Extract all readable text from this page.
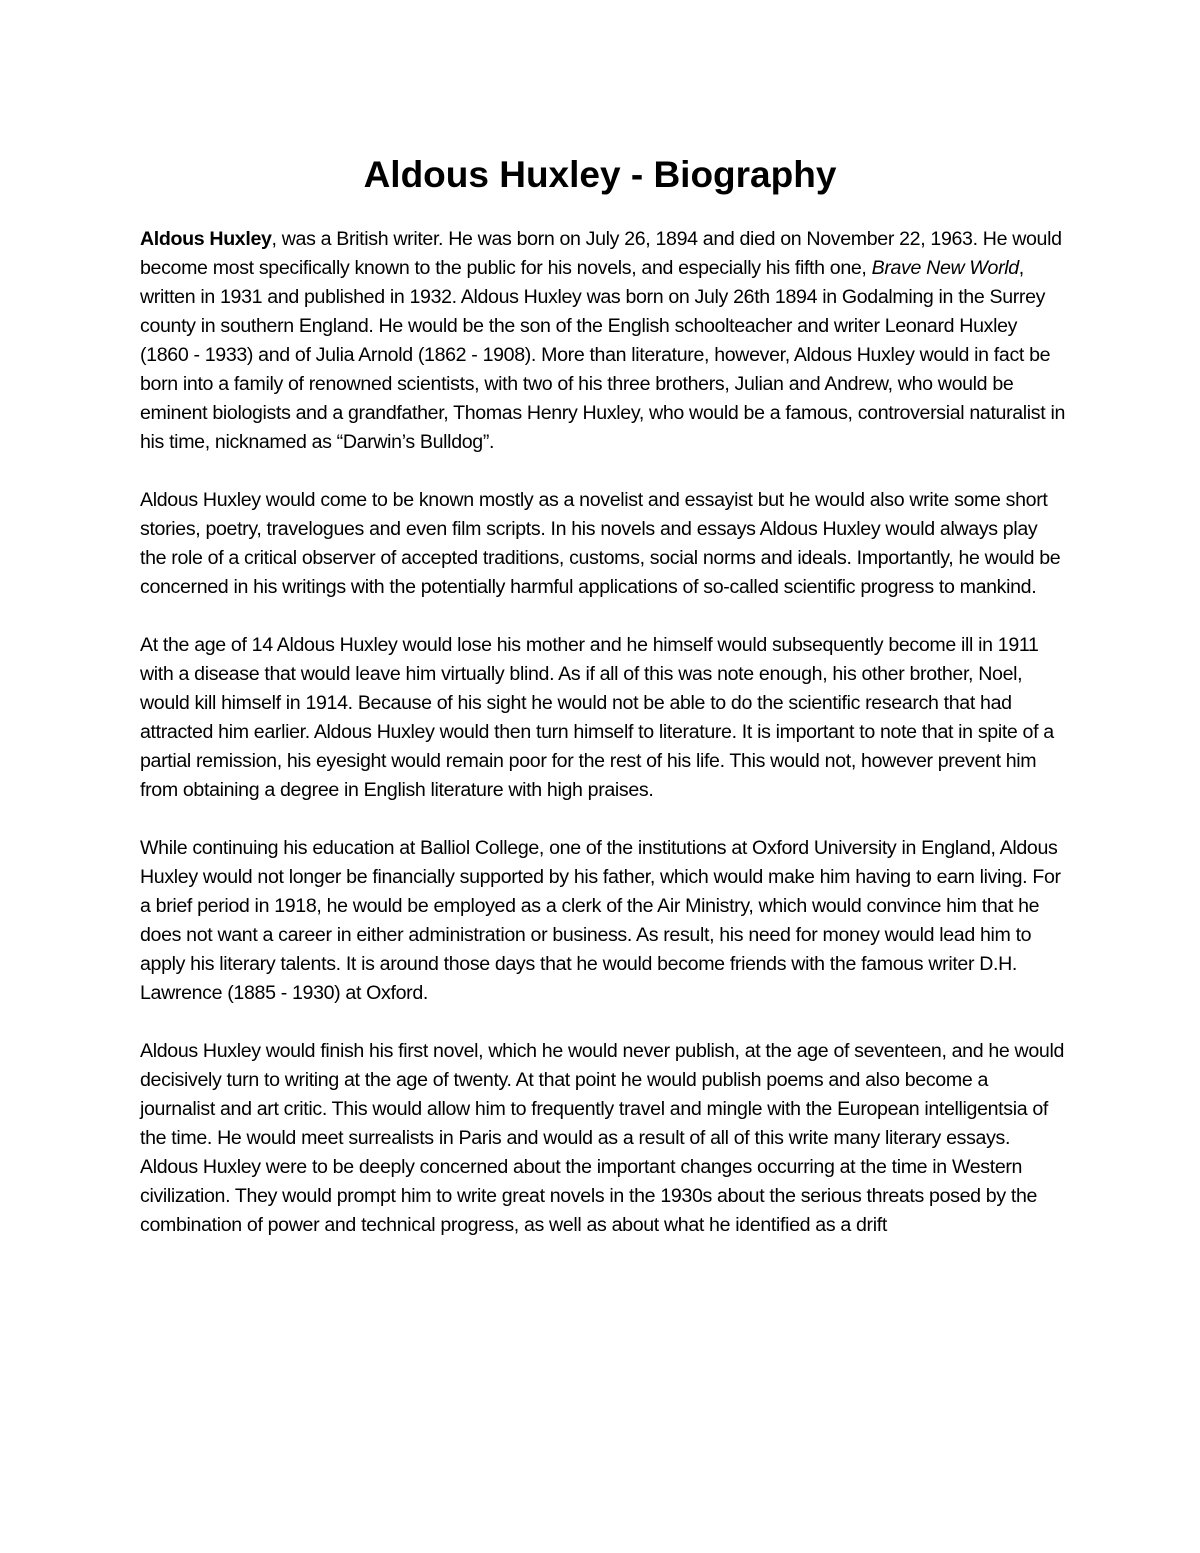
Aldous Huxley - Biography

Aldous Huxley, was a British writer. He was born on July 26, 1894 and died on November 22, 1963. He would become most specifically known to the public for his novels, and especially his fifth one, Brave New World, written in 1931 and published in 1932. Aldous Huxley was born on July 26th 1894 in Godalming in the Surrey county in southern England. He would be the son of the English schoolteacher and writer Leonard Huxley (1860 - 1933) and of Julia Arnold (1862 - 1908). More than literature, however, Aldous Huxley would in fact be born into a family of renowned scientists, with two of his three brothers, Julian and Andrew, who would be eminent biologists and a grandfather, Thomas Henry Huxley, who would be a famous, controversial naturalist in his time, nicknamed as “Darwin’s Bulldog”.

Aldous Huxley would come to be known mostly as a novelist and essayist but he would also write some short stories, poetry, travelogues and even film scripts. In his novels and essays Aldous Huxley would always play the role of a critical observer of accepted traditions, customs, social norms and ideals. Importantly, he would be concerned in his writings with the potentially harmful applications of so-called scientific progress to mankind.

At the age of 14 Aldous Huxley would lose his mother and he himself would subsequently become ill in 1911 with a disease that would leave him virtually blind. As if all of this was note enough, his other brother, Noel, would kill himself in 1914. Because of his sight he would not be able to do the scientific research that had attracted him earlier. Aldous Huxley would then turn himself to literature. It is important to note that in spite of a partial remission, his eyesight would remain poor for the rest of his life. This would not, however prevent him from obtaining a degree in English literature with high praises.

While continuing his education at Balliol College, one of the institutions at Oxford University in England, Aldous Huxley would not longer be financially supported by his father, which would make him having to earn living. For a brief period in 1918, he would be employed as a clerk of the Air Ministry, which would convince him that he does not want a career in either administration or business. As result, his need for money would lead him to apply his literary talents. It is around those days that he would become friends with the famous writer D.H. Lawrence (1885 - 1930) at Oxford.

Aldous Huxley would finish his first novel, which he would never publish, at the age of seventeen, and he would decisively turn to writing at the age of twenty. At that point he would publish poems and also become a journalist and art critic. This would allow him to frequently travel and mingle with the European intelligentsia of the time. He would meet surrealists in Paris and would as a result of all of this write many literary essays. Aldous Huxley were to be deeply concerned about the important changes occurring at the time in Western civilization. They would prompt him to write great novels in the 1930s about the serious threats posed by the combination of power and technical progress, as well as about what he identified as a drift
